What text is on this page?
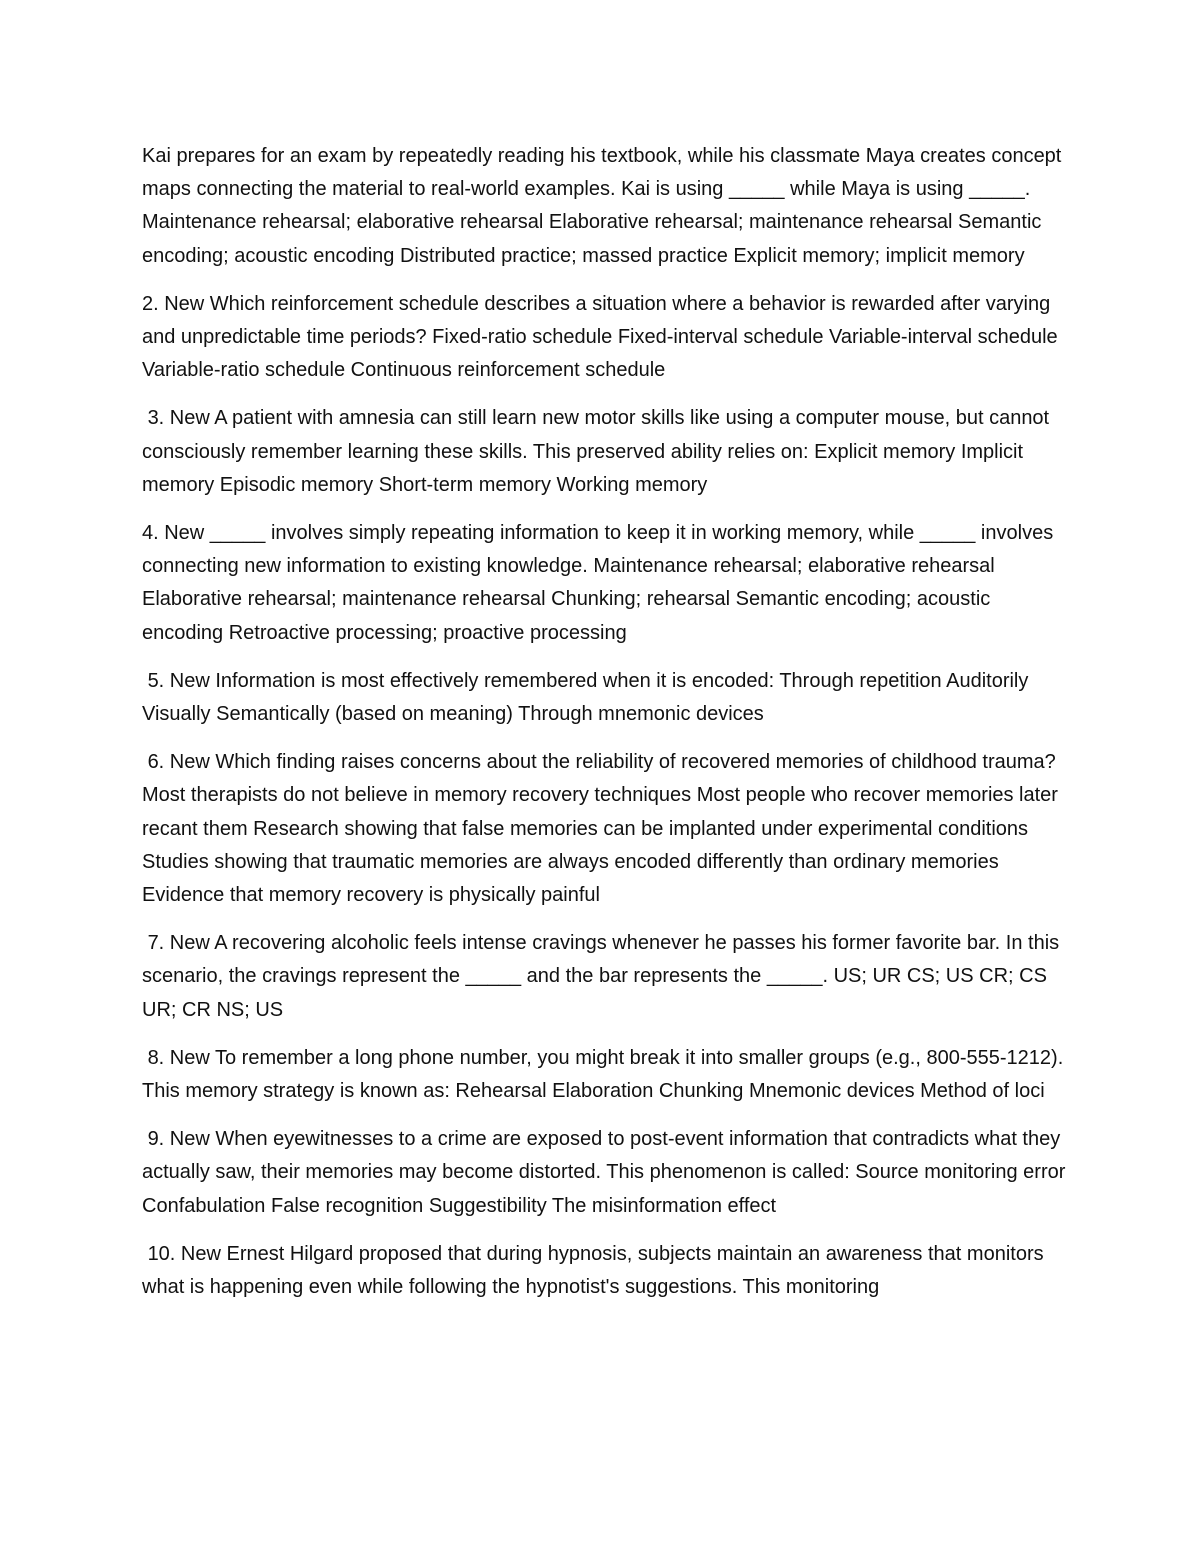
Kai prepares for an exam by repeatedly reading his textbook, while his classmate Maya creates concept maps connecting the material to real-world examples. Kai is using _____ while Maya is using _____. Maintenance rehearsal; elaborative rehearsal Elaborative rehearsal; maintenance rehearsal Semantic encoding; acoustic encoding Distributed practice; massed practice Explicit memory; implicit memory

2. New Which reinforcement schedule describes a situation where a behavior is rewarded after varying and unpredictable time periods? Fixed-ratio schedule Fixed-interval schedule Variable-interval schedule Variable-ratio schedule Continuous reinforcement schedule

3. New A patient with amnesia can still learn new motor skills like using a computer mouse, but cannot consciously remember learning these skills. This preserved ability relies on: Explicit memory Implicit memory Episodic memory Short-term memory Working memory

4. New _____ involves simply repeating information to keep it in working memory, while _____ involves connecting new information to existing knowledge. Maintenance rehearsal; elaborative rehearsal Elaborative rehearsal; maintenance rehearsal Chunking; rehearsal Semantic encoding; acoustic encoding Retroactive processing; proactive processing

5. New Information is most effectively remembered when it is encoded: Through repetition Auditorily Visually Semantically (based on meaning) Through mnemonic devices

6. New Which finding raises concerns about the reliability of recovered memories of childhood trauma? Most therapists do not believe in memory recovery techniques Most people who recover memories later recant them Research showing that false memories can be implanted under experimental conditions Studies showing that traumatic memories are always encoded differently than ordinary memories Evidence that memory recovery is physically painful

7. New A recovering alcoholic feels intense cravings whenever he passes his former favorite bar. In this scenario, the cravings represent the _____ and the bar represents the _____. US; UR CS; US CR; CS UR; CR NS; US

8. New To remember a long phone number, you might break it into smaller groups (e.g., 800-555-1212). This memory strategy is known as: Rehearsal Elaboration Chunking Mnemonic devices Method of loci

9. New When eyewitnesses to a crime are exposed to post-event information that contradicts what they actually saw, their memories may become distorted. This phenomenon is called: Source monitoring error Confabulation False recognition Suggestibility The misinformation effect

10. New Ernest Hilgard proposed that during hypnosis, subjects maintain an awareness that monitors what is happening even while following the hypnotist's suggestions. This monitoring
